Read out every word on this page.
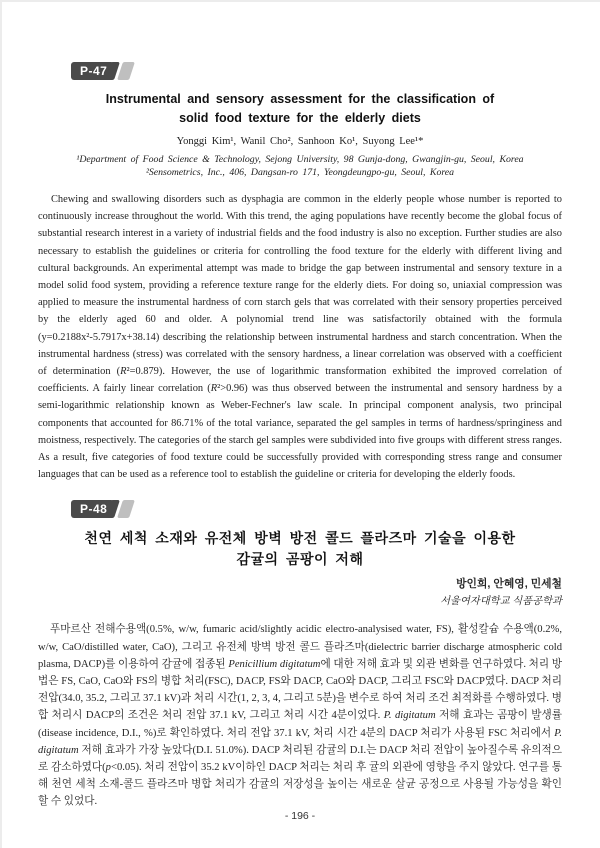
P-47
Instrumental and sensory assessment for the classification of
solid food texture for the elderly diets
Yonggi Kim¹, Wanil Cho², Sanhoon Ko¹, Suyong Lee¹*
¹Department of Food Science & Technology, Sejong University, 98 Gunja-dong, Gwangjin-gu, Seoul, Korea
²Sensometrics, Inc., 406, Dangsan-ro 171, Yeongdeungpo-gu, Seoul, Korea

Chewing and swallowing disorders such as dysphagia are common in the elderly people whose number is reported to continuously increase throughout the world. With this trend, the aging populations have recently become the global focus of substantial research interest in a variety of industrial fields and the food industry is also no exception. Further studies are also necessary to establish the guidelines or criteria for controlling the food texture for the elderly with different living and cultural backgrounds. An experimental attempt was made to bridge the gap between instrumental and sensory texture in a model solid food system, providing a reference texture range for the elderly diets. For doing so, uniaxial compression was applied to measure the instrumental hardness of corn starch gels that was correlated with their sensory properties perceived by the elderly aged 60 and older. A polynomial trend line was satisfactorily obtained with the formula (y=0.2188x²-5.7917x+38.14) describing the relationship between instrumental hardness and starch concentration. When the instrumental hardness (stress) was correlated with the sensory hardness, a linear correlation was observed with a coefficient of determination (R²=0.879). However, the use of logarithmic transformation exhibited the improved correlation of coefficients. A fairly linear correlation (R²>0.96) was thus observed between the instrumental and sensory hardness by a semi-logarithmic relationship known as Weber-Fechner's law scale. In principal component analysis, two principal components that accounted for 86.71% of the total variance, separated the gel samples in terms of hardness/springiness and moistness, respectively. The categories of the starch gel samples were subdivided into five groups with different stress ranges. As a result, five categories of food texture could be successfully provided with corresponding stress range and consumer languages that can be used as a reference tool to establish the guideline or criteria for developing the elderly foods.

P-48
천연 세척 소재와 유전체 방벽 방전 콜드 플라즈마 기술을 이용한
감귤의 곰팡이 저해
방인희, 안혜영, 민세철
서울여자대학교 식품공학과

푸마르산 전해수용액(0.5%, w/w, fumaric acid/slightly acidic electro-analysised water, FS), 활성칼슘 수용액(0.2%, w/w, CaO/distilled water, CaO), 그리고 유전체 방벽 방전 콜드 플라즈마(dielectric barrier discharge atmospheric cold plasma, DACP)를 이용하여 감귤에 접종된 Penicillium digitatum에 대한 저해 효과 및 외관 변화를 연구하였다. 처리 방법은 FS, CaO, CaO와 FS의 병합 처리(FSC), DACP, FS와 DACP, CaO와 DACP, 그리고 FSC와 DACP였다. DACP 처리 전압(34.0, 35.2, 그리고 37.1 kV)과 처리 시간(1, 2, 3, 4, 그리고 5분)을 변수로 하여 처리 조건 최적화를 수행하였다. 병합 처리시 DACP의 조건은 처리 전압 37.1 kV, 그리고 처리 시간 4분이었다. P. digitatum 저해 효과는 곰팡이 발생률(disease incidence, D.I., %)로 확인하였다. 처리 전압 37.1 kV, 처리 시간 4분의 DACP 처리가 사용된 FSC 처리에서 P. digitatum 저해 효과가 가장 높았다(D.I. 51.0%). DACP 처리된 감귤의 D.I.는 DACP 처리 전압이 높아질수록 유의적으로 감소하였다(p<0.05). 처리 전압이 35.2 kV이하인 DACP 처리는 처리 후 귤의 외관에 영향을 주지 않았다. 연구를 통해 천연 세척 소재-콜드 플라즈마 병합 처리가 감귤의 저장성을 높이는 새로운 살균 공정으로 사용될 가능성을 확인할 수 있었다.

- 196 -
